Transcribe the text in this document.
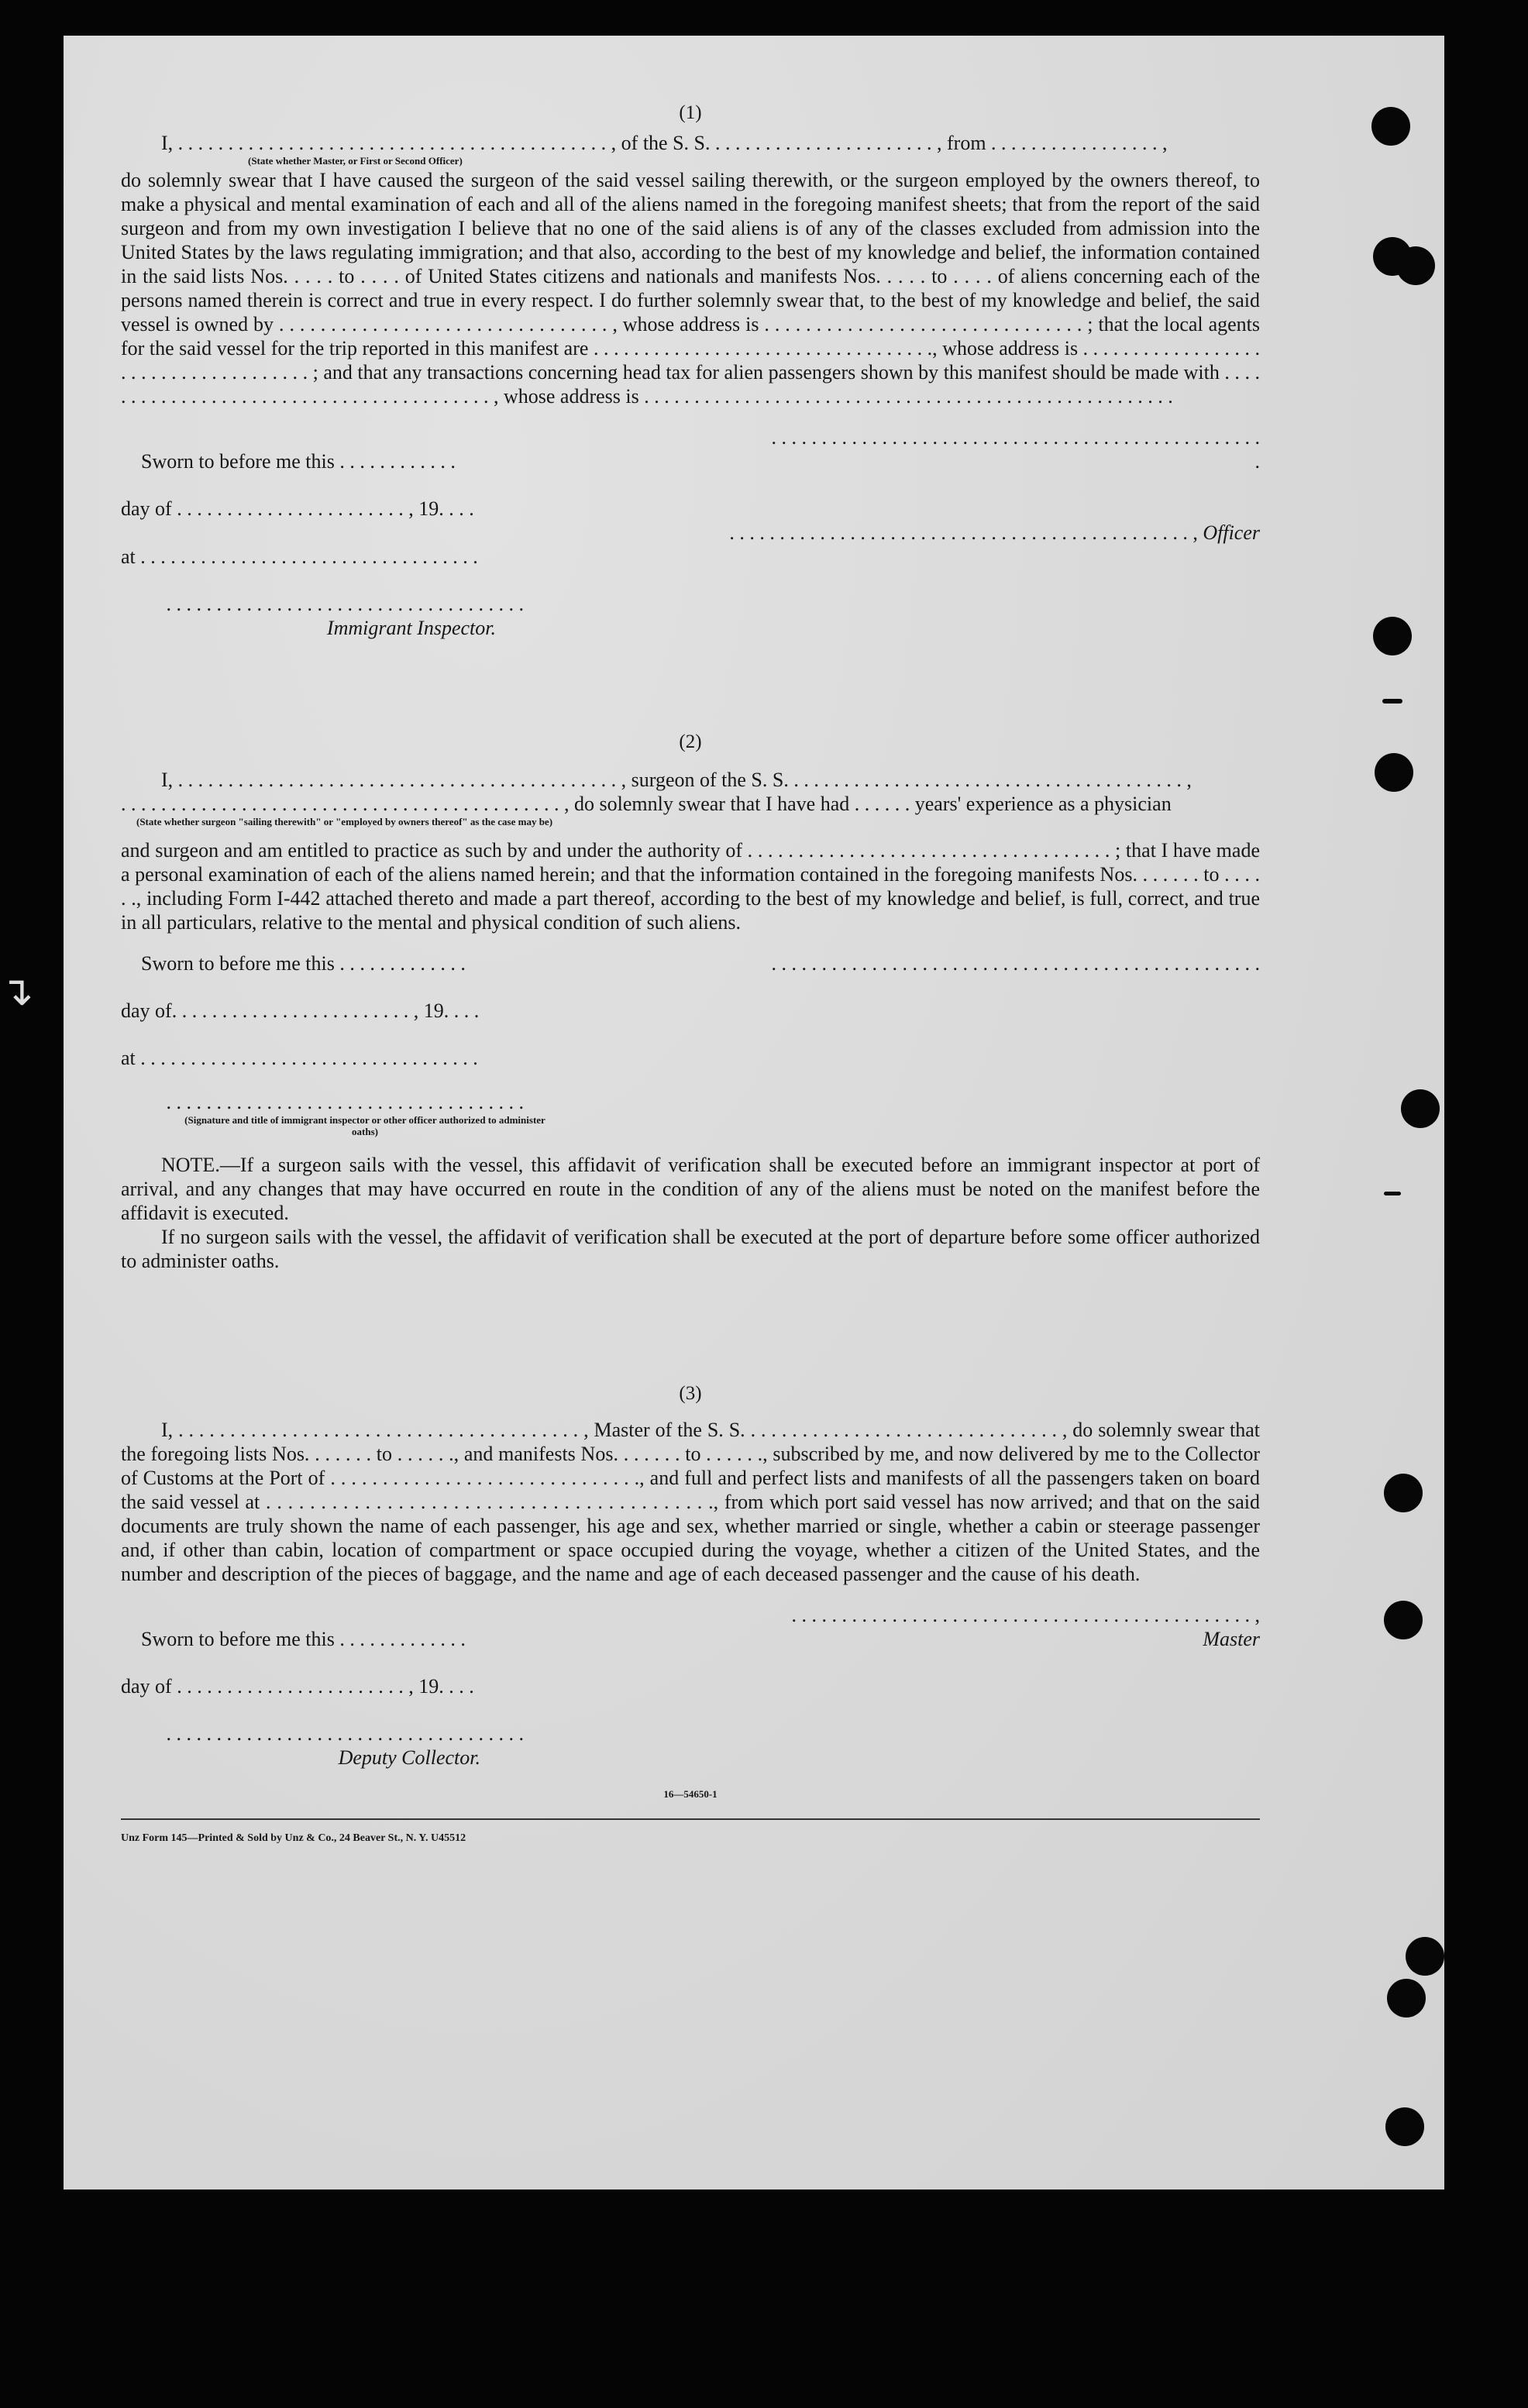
↴
(1)
I, . . . . . . . . . . . . . . . . . . . . . . . . . . . . . . . . . . . . . . . . . . . , of the S. S. . . . . . . . . . . . . . . . . . . . . . . , from . . . . . . . . . . . . . . . . . ,
(State whether Master, or First or Second Officer)

do solemnly swear that I have caused the surgeon of the said vessel sailing therewith, or the surgeon employed by the owners thereof, to make a physical and mental examination of each and all of the aliens named in the foregoing manifest sheets; that from the report of the said surgeon and from my own investigation I believe that no one of the said aliens is of any of the classes excluded from admission into the United States by the laws regulating immigration; and that also, according to the best of my knowledge and belief, the information contained in the said lists Nos. . . . . to . . . . of United States citizens and nationals and manifests Nos. . . . . to . . . . of aliens concerning each of the persons named therein is correct and true in every respect. I do further solemnly swear that, to the best of my knowledge and belief, the said vessel is owned by . . . . . . . . . . . . . . . . . . . . . . . . . . . . . . . . , whose address is . . . . . . . . . . . . . . . . . . . . . . . . . . . . . . . ; that the local agents for the said vessel for the trip reported in this manifest are . . . . . . . . . . . . . . . . . . . . . . . . . . . . . . . . . ., whose address is . . . . . . . . . . . . . . . . . . . . . . . . . . . . . . . . . . . . . ; and that any transactions concerning head tax for alien passengers shown by this manifest should be made with . . . . . . . . . . . . . . . . . . . . . . . . . . . . . . . . . . . . . . . . . , whose address is . . . . . . . . . . . . . . . . . . . . . . . . . . . . . . . . . . . . . . . . . . . . . . . . . . . . .

Sworn to before me this . . . . . . . . . . . .
. . . . . . . . . . . . . . . . . . . . . . . . . . . . . . . . . . . . . . . . . . . . . . . . . .
day of . . . . . . . . . . . . . . . . . . . . . . . , 19. . . .
. . . . . . . . . . . . . . . . . . . . . . . . . . . . . . . . . . . . . . . . . . . . . . , Officer
at . . . . . . . . . . . . . . . . . . . . . . . . . . . . . . . . . .
. . . . . . . . . . . . . . . . . . . . . . . . . . . . . . . . . . . .
Immigrant Inspector.
(2)
I, . . . . . . . . . . . . . . . . . . . . . . . . . . . . . . . . . . . . . . . . . . . . , surgeon of the S. S. . . . . . . . . . . . . . . . . . . . . . . . . . . . . . . . . . . . . . . . ,
. . . . . . . . . . . . . . . . . . . . . . . . . . . . . . . . . . . . . . . . . . . . , do solemnly swear that I have had . . . . . . years' experience as a physician
(State whether surgeon "sailing therewith" or "employed by owners thereof" as the case may be)

and surgeon and am entitled to practice as such by and under the authority of . . . . . . . . . . . . . . . . . . . . . . . . . . . . . . . . . . . . ; that I have made a personal examination of each of the aliens named herein; and that the information contained in the foregoing manifests Nos. . . . . . . to . . . . . ., including Form I-442 attached thereto and made a part thereof, according to the best of my knowledge and belief, is full, correct, and true in all particulars, relative to the mental and physical condition of such aliens.

Sworn to before me this . . . . . . . . . . . . .	. . . . . . . . . . . . . . . . . . . . . . . . . . . . . . . . . . . . . . . . . . . . . . . . .
day of. . . . . . . . . . . . . . . . . . . . . . . . , 19. . . .
at . . . . . . . . . . . . . . . . . . . . . . . . . . . . . . . . . .
. . . . . . . . . . . . . . . . . . . . . . . . . . . . . . . . . . . .
(Signature and title of immigrant inspector or other officer authorized to administer oaths)

NOTE.—If a surgeon sails with the vessel, this affidavit of verification shall be executed before an immigrant inspector at port of arrival, and any changes that may have occurred en route in the condition of any of the aliens must be noted on the manifest before the affidavit is executed.

If no surgeon sails with the vessel, the affidavit of verification shall be executed at the port of departure before some officer authorized to administer oaths.

(3)

I, . . . . . . . . . . . . . . . . . . . . . . . . . . . . . . . . . . . . . . . , Master of the S. S. . . . . . . . . . . . . . . . . . . . . . . . . . . . . . . , do solemnly swear that the foregoing lists Nos. . . . . . . to . . . . . ., and manifests Nos. . . . . . . to . . . . . ., subscribed by me, and now delivered by me to the Collector of Customs at the Port of . . . . . . . . . . . . . . . . . . . . . . . . . . . . . ., and full and perfect lists and manifests of all the passengers taken on board the said vessel at . . . . . . . . . . . . . . . . . . . . . . . . . . . . . . . . . . . . . . . . ., from which port said vessel has now arrived; and that on the said documents are truly shown the name of each passenger, his age and sex, whether married or single, whether a cabin or steerage passenger and, if other than cabin, location of compartment or space occupied during the voyage, whether a citizen of the United States, and the number and description of the pieces of baggage, and the name and age of each deceased passenger and the cause of his death.

Sworn to before me this . . . . . . . . . . . . .
. . . . . . . . . . . . . . . . . . . . . . . . . . . . . . . . . . . . . . . . . . . . . . , Master
day of . . . . . . . . . . . . . . . . . . . . . . . , 19. . . .
. . . . . . . . . . . . . . . . . . . . . . . . . . . . . . . . . . . .
Deputy Collector.
16—54650-1
Unz Form 145—Printed & Sold by Unz & Co., 24 Beaver St., N. Y. U45512
